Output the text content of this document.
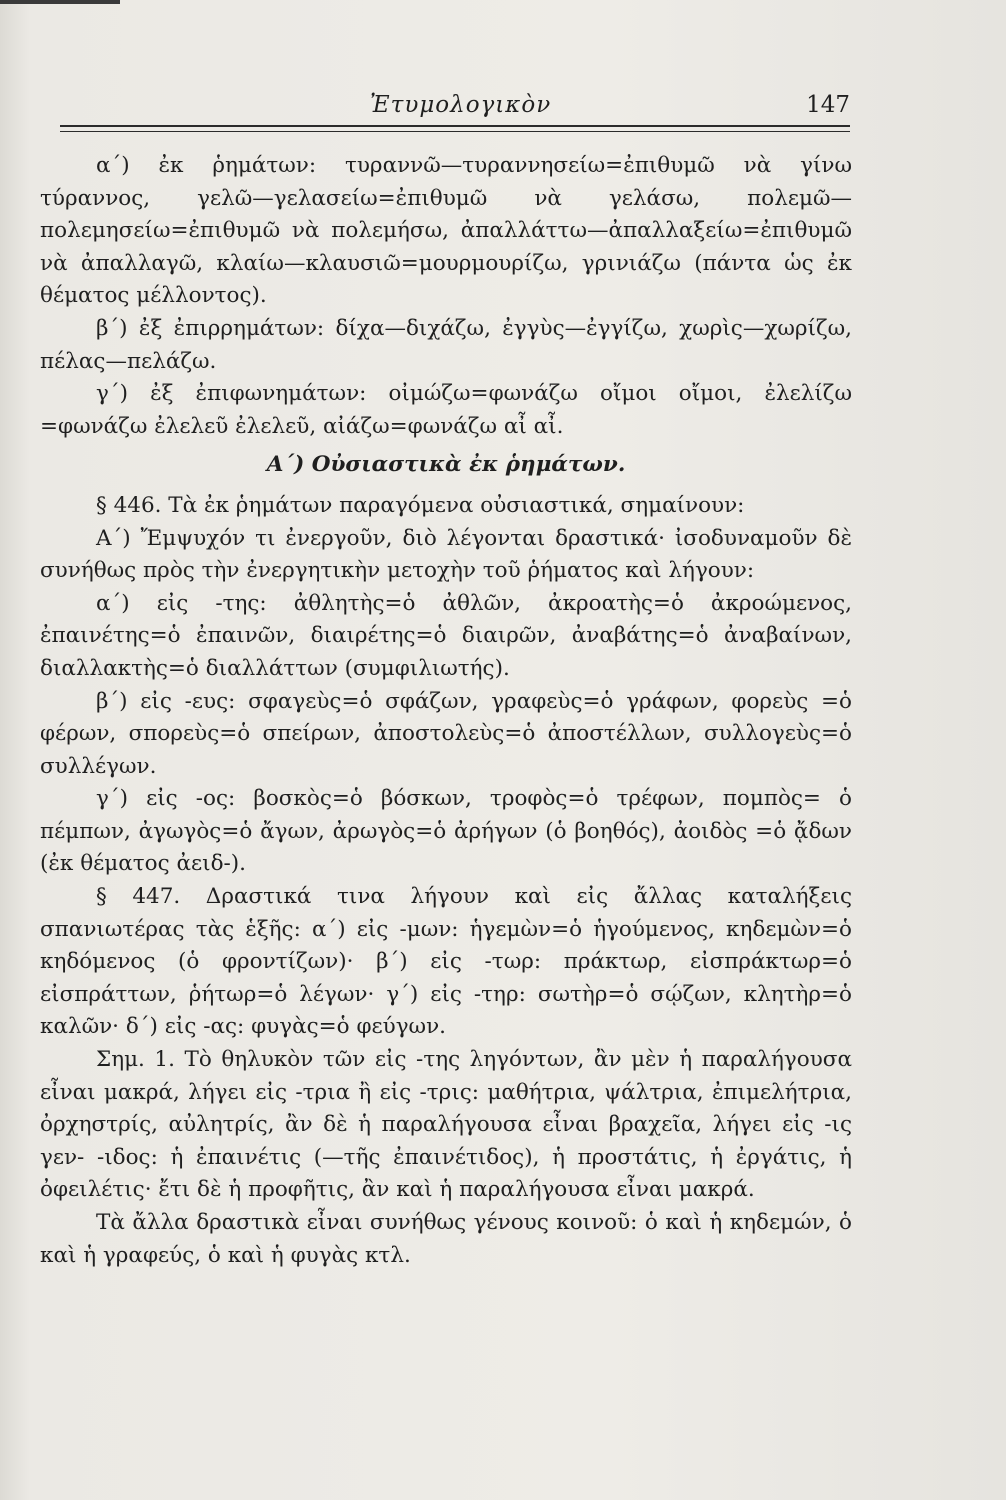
Ἐτυμολογικὸν	147

α΄) ἐκ ῥημάτων: τυραννῶ—τυραννησείω=ἐπιθυμῶ νὰ γίνω τύραννος, γελῶ—γελασείω=ἐπιθυμῶ νὰ γελάσω, πολεμῶ—πολεμησείω=ἐπιθυμῶ νὰ πολεμήσω, ἀπαλλάττω—ἀπαλλαξείω=ἐπιθυμῶ νὰ ἀπαλλαγῶ, κλαίω—κλαυσιῶ=μουρμουρίζω, γρινιάζω (πάντα ὡς ἐκ θέματος μέλλοντος).

β΄) ἐξ ἐπιρρημάτων: δίχα—διχάζω, ἐγγὺς—ἐγγίζω, χωρὶς—χωρίζω, πέλας—πελάζω.

γ΄) ἐξ ἐπιφωνημάτων: οἰμώζω=φωνάζω οἴμοι οἴμοι, ἐλελίζω =φωνάζω ἐλελεῦ ἐλελεῦ, αἰάζω=φωνάζω αἶ αἶ.

Α΄) Οὐσιαστικὰ ἐκ ῥημάτων.

§ 446. Τὰ ἐκ ῥημάτων παραγόμενα οὐσιαστικά, σημαίνουν:

Α΄) Ἔμψυχόν τι ἐνεργοῦν, διὸ λέγονται δραστικά· ἰσοδυναμοῦν δὲ συνήθως πρὸς τὴν ἐνεργητικὴν μετοχὴν τοῦ ῥήματος καὶ λήγουν:

α΄) εἰς -της: ἀθλητὴς=ὁ ἀθλῶν, ἀκροατὴς=ὁ ἀκροώμενος, ἐπαινέτης=ὁ ἐπαινῶν, διαιρέτης=ὁ διαιρῶν, ἀναβάτης=ὁ ἀναβαίνων, διαλλακτὴς=ὁ διαλλάττων (συμφιλιωτής).

β΄) εἰς -ευς: σφαγεὺς=ὁ σφάζων, γραφεὺς=ὁ γράφων, φορεὺς =ὁ φέρων, σπορεὺς=ὁ σπείρων, ἀποστολεὺς=ὁ ἀποστέλλων, συλλογεὺς=ὁ συλλέγων.

γ΄) εἰς -ος: βοσκὸς=ὁ βόσκων, τροφὸς=ὁ τρέφων, πομπὸς= ὁ πέμπων, ἀγωγὸς=ὁ ἄγων, ἀρωγὸς=ὁ ἀρήγων (ὁ βοηθός), ἀοιδὸς =ὁ ᾄδων (ἐκ θέματος ἀειδ-).

§ 447. Δραστικά τινα λήγουν καὶ εἰς ἄλλας καταλήξεις σπανιωτέρας τὰς ἑξῆς: α΄) εἰς -μων: ἡγεμὼν=ὁ ἡγούμενος, κηδεμὼν=ὁ κηδόμενος (ὁ φροντίζων)· β΄) εἰς -τωρ: πράκτωρ, εἰσπράκτωρ=ὁ εἰσπράττων, ῥήτωρ=ὁ λέγων· γ΄) εἰς -τηρ: σωτὴρ=ὁ σῴζων, κλητὴρ=ὁ καλῶν· δ΄) εἰς -ας: φυγὰς=ὁ φεύγων.

Σημ. 1. Τὸ θηλυκὸν τῶν εἰς -της ληγόντων, ἂν μὲν ἡ παραλήγουσα εἶναι μακρά, λήγει εἰς -τρια ἢ εἰς -τρις: μαθήτρια, ψάλτρια, ἐπιμελήτρια, ὀρχηστρίς, αὐλητρίς, ἂν δὲ ἡ παραλήγουσα εἶναι βραχεῖα, λήγει εἰς -ις γεν- -ιδος: ἡ ἐπαινέτις (—τῆς ἐπαινέτιδος), ἡ προστάτις, ἡ ἐργάτις, ἡ ὀφειλέτις· ἔτι δὲ ἡ προφῆτις, ἂν καὶ ἡ παραλήγουσα εἶναι μακρά.

Τὰ ἄλλα δραστικὰ εἶναι συνήθως γένους κοινοῦ: ὁ καὶ ἡ κηδεμών, ὁ καὶ ἡ γραφεύς, ὁ καὶ ἡ φυγὰς κτλ.
